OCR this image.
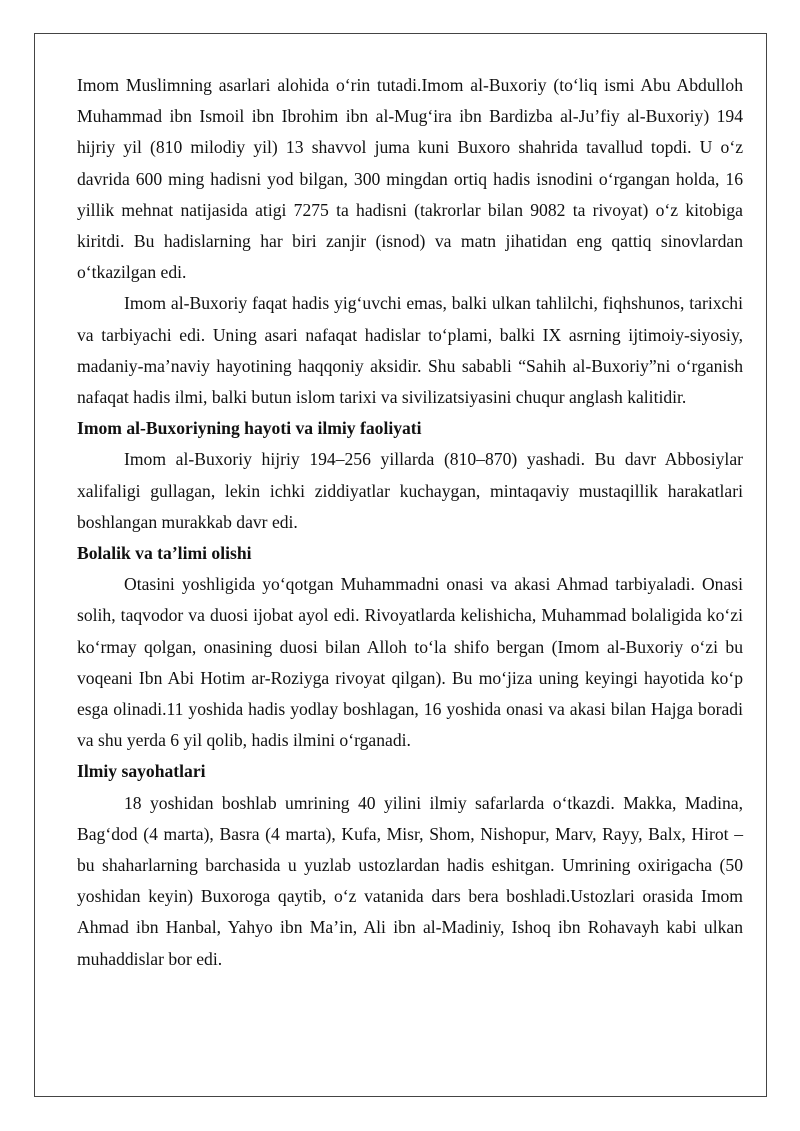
Imom Muslimning asarlari alohida o‘rin tutadi.Imom al-Buxoriy (to‘liq ismi Abu Abdulloh Muhammad ibn Ismoil ibn Ibrohim ibn al-Mug‘ira ibn Bardizba al-Ju’fiy al-Buxoriy) 194 hijriy yil (810 milodiy yil) 13 shavvol juma kuni Buxoro shahrida tavallud topdi. U o‘z davrida 600 ming hadisni yod bilgan, 300 mingdan ortiq hadis isnodini o‘rgangan holda, 16 yillik mehnat natijasida atigi 7275 ta hadisni (takrorlar bilan 9082 ta rivoyat) o‘z kitobiga kiritdi. Bu hadislarning har biri zanjir (isnod) va matn jihatidan eng qattiq sinovlardan o‘tkazilgan edi.

Imom al-Buxoriy faqat hadis yig‘uvchi emas, balki ulkan tahlilchi, fiqhshunos, tarixchi va tarbiyachi edi. Uning asari nafaqat hadislar to‘plami, balki IX asrning ijtimoiy-siyosiy, madaniy-ma’naviy hayotining haqqoniy aksidir. Shu sababli “Sahih al-Buxoriy”ni o‘rganish nafaqat hadis ilmi, balki butun islom tarixi va sivilizatsiyasini chuqur anglash kalitidir.

Imom al-Buxoriyning hayoti va ilmiy faoliyati

Imom al-Buxoriy hijriy 194–256 yillarda (810–870) yashadi. Bu davr Abbosiylar xalifaligi gullagan, lekin ichki ziddiyatlar kuchaygan, mintaqaviy mustaqillik harakatlari boshlangan murakkab davr edi.

Bolalik va ta’limi olishi

Otasini yoshligida yo‘qotgan Muhammadni onasi va akasi Ahmad tarbiyaladi. Onasi solih, taqvodor va duosi ijobat ayol edi. Rivoyatlarda kelishicha, Muhammad bolaligida ko‘zi ko‘rmay qolgan, onasining duosi bilan Alloh to‘la shifo bergan (Imom al-Buxoriy o‘zi bu voqeani Ibn Abi Hotim ar-Roziyga rivoyat qilgan). Bu mo‘jiza uning keyingi hayotida ko‘p esga olinadi.11 yoshida hadis yodlay boshlagan, 16 yoshida onasi va akasi bilan Hajga boradi va shu yerda 6 yil qolib, hadis ilmini o‘rganadi.

Ilmiy sayohatlari

18 yoshidan boshlab umrining 40 yilini ilmiy safarlarda o‘tkazdi. Makka, Madina, Bag‘dod (4 marta), Basra (4 marta), Kufa, Misr, Shom, Nishopur, Marv, Rayy, Balx, Hirot – bu shaharlarning barchasida u yuzlab ustozlardan hadis eshitgan. Umrining oxirigacha (50 yoshidan keyin) Buxoroga qaytib, o‘z vatanida dars bera boshladi.Ustozlari orasida Imom Ahmad ibn Hanbal, Yahyo ibn Ma’in, Ali ibn al-Madiniy, Ishoq ibn Rohavayh kabi ulkan muhaddislar bor edi.
